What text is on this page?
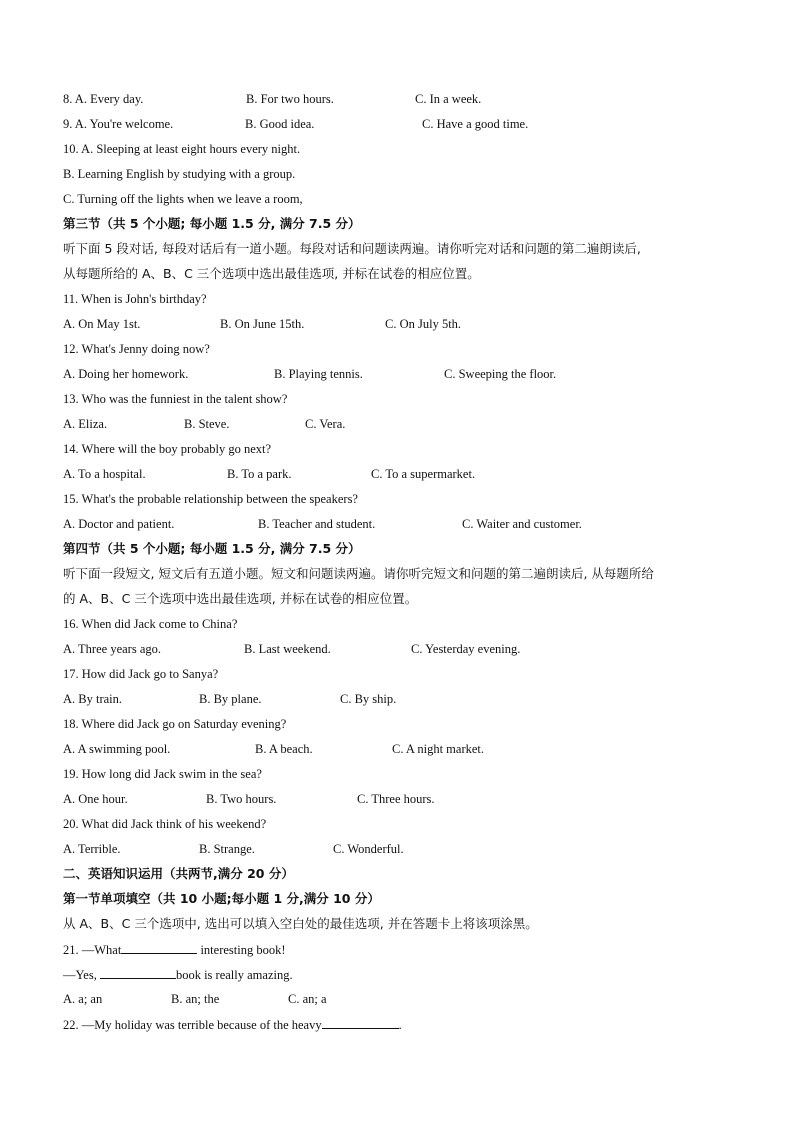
8. A. Every day.	B. For two hours.	C. In a week.
9. A. You're welcome.	B. Good idea.	C. Have a good time.
10. A. Sleeping at least eight hours every night.
B. Learning English by studying with a group.
C. Turning off the lights when we leave a room,
第三节（共 5 个小题; 每小题 1.5 分, 满分 7.5 分）
听下面 5 段对话, 每段对话后有一道小题。每段对话和问题读两遍。请你听完对话和问题的第二遍朗读后,
从每题所给的 A、B、C 三个选项中选出最佳选项, 并标在试卷的相应位置。
11. When is John's birthday?
A. On May 1st.	B. On June 15th.	C. On July 5th.
12. What's Jenny doing now?
A. Doing her homework.	B. Playing tennis.	C. Sweeping the floor.
13. Who was the funniest in the talent show?
A. Eliza.	B. Steve.	C. Vera.
14. Where will the boy probably go next?
A. To a hospital.	B. To a park.	C. To a supermarket.
15. What's the probable relationship between the speakers?
A. Doctor and patient.	B. Teacher and student.	C. Waiter and customer.
第四节（共 5 个小题; 每小题 1.5 分, 满分 7.5 分）
听下面一段短文, 短文后有五道小题。短文和问题读两遍。请你听完短文和问题的第二遍朗读后, 从每题所给
的 A、B、C 三个选项中选出最佳选项, 并标在试卷的相应位置。
16. When did Jack come to China?
A. Three years ago.	B. Last weekend.	C. Yesterday evening.
17. How did Jack go to Sanya?
A. By train.	B. By plane.	C. By ship.
18. Where did Jack go on Saturday evening?
A. A swimming pool.	B. A beach.	C. A night market.
19. How long did Jack swim in the sea?
A. One hour.	B. Two hours.	C. Three hours.
20. What did Jack think of his weekend?
A. Terrible.	B. Strange.	C. Wonderful.
二、英语知识运用（共两节,满分 20 分）
第一节单项填空（共 10 小题;每小题 1 分,满分 10 分）
从 A、B、C 三个选项中, 选出可以填入空白处的最佳选项, 并在答题卡上将该项涂黑。
21. —What	interesting book!
—Yes,	book is really amazing.
A. a; an	B. an; the	C. an; a
22. —My holiday was terrible because of the heavy	.
